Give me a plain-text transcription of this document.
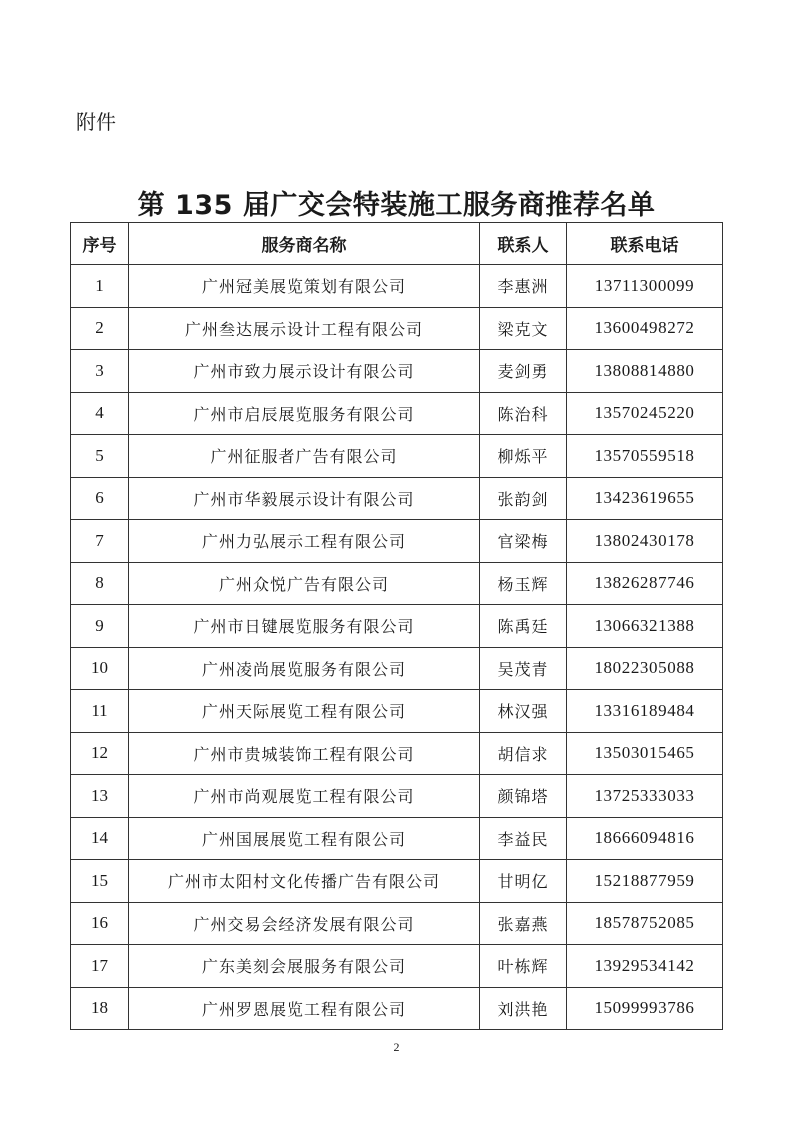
附件
第 135 届广交会特装施工服务商推荐名单
序号	服务商名称	联系人	联系电话
1	广州冠美展览策划有限公司	李惠洲	13711300099
2	广州叁达展示设计工程有限公司	梁克文	13600498272
3	广州市致力展示设计有限公司	麦剑勇	13808814880
4	广州市启辰展览服务有限公司	陈治科	13570245220
5	广州征服者广告有限公司	柳烁平	13570559518
6	广州市华毅展示设计有限公司	张韵剑	13423619655
7	广州力弘展示工程有限公司	官梁梅	13802430178
8	广州众悦广告有限公司	杨玉辉	13826287746
9	广州市日键展览服务有限公司	陈禹廷	13066321388
10	广州凌尚展览服务有限公司	吴茂青	18022305088
11	广州天际展览工程有限公司	林汉强	13316189484
12	广州市贵城装饰工程有限公司	胡信求	13503015465
13	广州市尚观展览工程有限公司	颜锦塔	13725333033
14	广州国展展览工程有限公司	李益民	18666094816
15	广州市太阳村文化传播广告有限公司	甘明亿	15218877959
16	广州交易会经济发展有限公司	张嘉燕	18578752085
17	广东美刻会展服务有限公司	叶栋辉	13929534142
18	广州罗恩展览工程有限公司	刘洪艳	15099993786
2
